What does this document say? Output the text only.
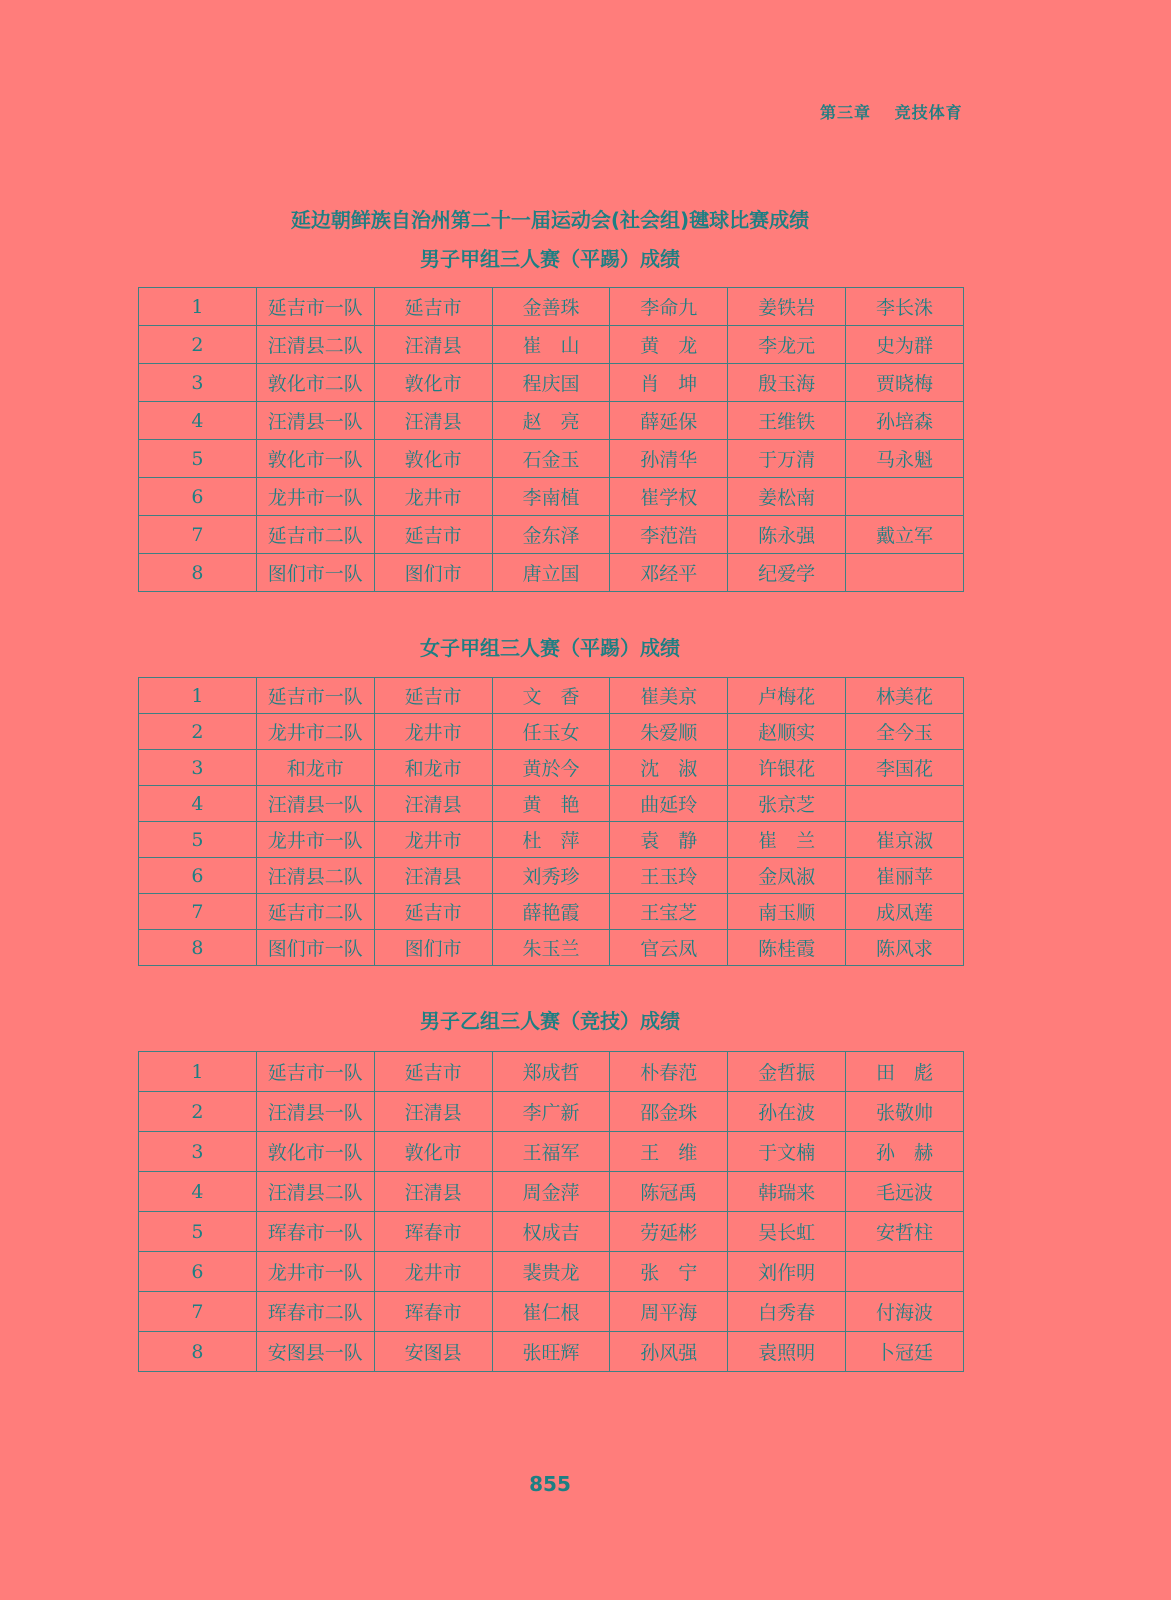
第三章　 竞技体育
延边朝鲜族自治州第二十一届运动会(社会组)毽球比赛成绩
男子甲组三人赛（平踢）成绩
1	延吉市一队	延吉市	金善珠	李命九	姜铁岩	李长洙
2	汪清县二队	汪清县	崔　山	黄　龙	李龙元	史为群
3	敦化市二队	敦化市	程庆国	肖　坤	殷玉海	贾晓梅
4	汪清县一队	汪清县	赵　亮	薛延保	王维铁	孙培森
5	敦化市一队	敦化市	石金玉	孙清华	于万清	马永魁
6	龙井市一队	龙井市	李南植	崔学权	姜松南	
7	延吉市二队	延吉市	金东泽	李范浩	陈永强	戴立军
8	图们市一队	图们市	唐立国	邓经平	纪爱学	
女子甲组三人赛（平踢）成绩
1	延吉市一队	延吉市	文　香	崔美京	卢梅花	林美花
2	龙井市二队	龙井市	任玉女	朱爱顺	赵顺实	全今玉
3	和龙市	和龙市	黄於今	沈　淑	许银花	李国花
4	汪清县一队	汪清县	黄　艳	曲延玲	张京芝	
5	龙井市一队	龙井市	杜　萍	袁　静	崔　兰	崔京淑
6	汪清县二队	汪清县	刘秀珍	王玉玲	金凤淑	崔丽苹
7	延吉市二队	延吉市	薛艳霞	王宝芝	南玉顺	成凤莲
8	图们市一队	图们市	朱玉兰	官云凤	陈桂霞	陈风求
男子乙组三人赛（竞技）成绩
1	延吉市一队	延吉市	郑成哲	朴春范	金哲振	田　彪
2	汪清县一队	汪清县	李广新	邵金珠	孙在波	张敬帅
3	敦化市一队	敦化市	王福军	王　维	于文楠	孙　赫
4	汪清县二队	汪清县	周金萍	陈冠禹	韩瑞来	毛远波
5	珲春市一队	珲春市	权成吉	劳延彬	吴长虹	安哲柱
6	龙井市一队	龙井市	裴贵龙	张　宁	刘作明	
7	珲春市二队	珲春市	崔仁根	周平海	白秀春	付海波
8	安图县一队	安图县	张旺辉	孙风强	袁照明	卜冠廷
855
